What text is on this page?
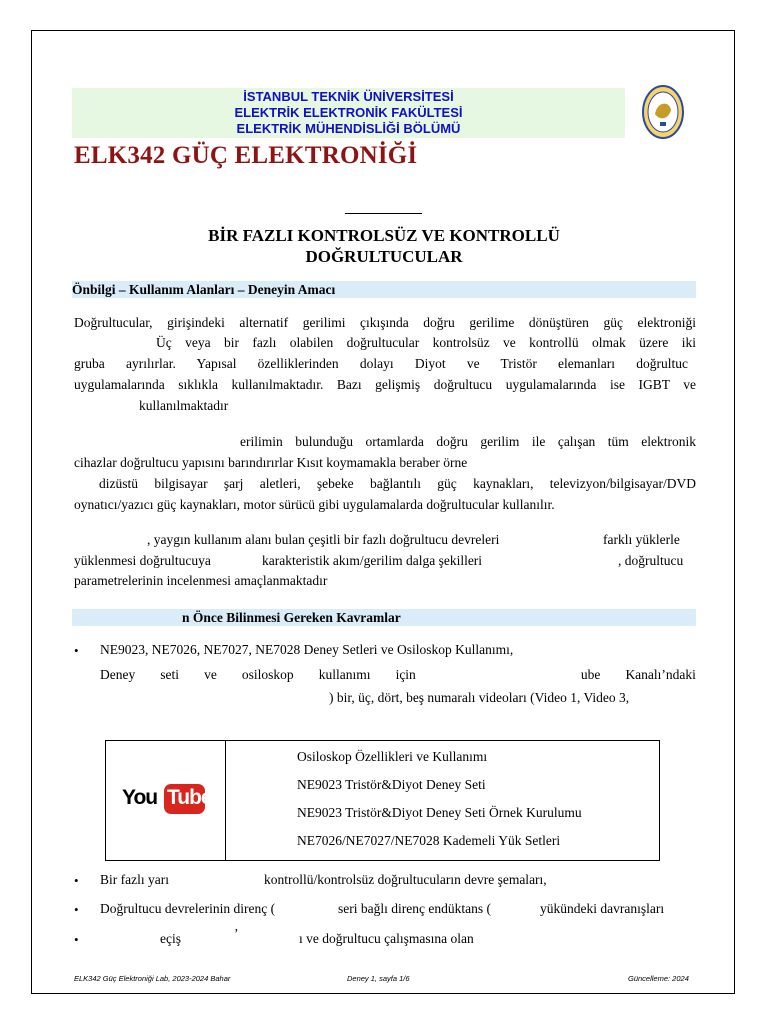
İSTANBUL TEKNİK ÜNİVERSİTESİ
ELEKTRİK ELEKTRONİK FAKÜLTESİ
ELEKTRİK MÜHENDİSLİĞİ BÖLÜMÜ
ELK342 GÜÇ ELEKTRONİĞİ
BİR FAZLI KONTROLSÜZ VE KONTROLLÜ
DOĞRULTUCULAR
Önbilgi – Kullanım Alanları – Deneyin Amacı
Doğrultucular, girişindeki alternatif gerilimi çıkışında doğru gerilime dönüştüren güç elektroniği
Üç veya bir fazlı olabilen doğrultucular kontrolsüz ve kontrollü olmak üzere iki
gruba ayrılırlar. Yapısal özelliklerinden dolayı Diyot ve Tristör elemanları doğrultuc
uygulamalarında sıklıkla kullanılmaktadır. Bazı gelişmiş doğrultucu uygulamalarında ise IGBT ve
kullanılmaktadır
erilimin bulunduğu ortamlarda doğru gerilim ile çalışan tüm elektronik
cihazlar doğrultucu yapısını barındırırlar Kısıt koymamakla beraber örne
dizüstü bilgisayar şarj aletleri, şebeke bağlantılı güç kaynakları, televizyon/bilgisayar/DVD
oynatıcı/yazıcı güç kaynakları, motor sürücü gibi uygulamalarda doğrultucular kullanılır.
, yaygın kullanım alanı bulan çeşitli bir fazlı doğrultucu devreleri	farklı yüklerle
yüklenmesi doğrultucuya	karakteristik akım/gerilim dalga şekilleri	, doğrultucu
parametrelerinin incelenmesi amaçlanmaktadır
n Önce Bilinmesi Gereken Kavramlar
• NE9023, NE7026, NE7027, NE7028 Deney Setleri ve Osiloskop Kullanımı,
Deney seti ve osiloskop kullanımı için	ube Kanalı’ndaki
) bir, üç, dört, beş numaralı videoları (Video 1, Video 3,
You Tube
Osiloskop Özellikleri ve Kullanımı
NE9023 Tristör&Diyot Deney Seti
NE9023 Tristör&Diyot Deney Seti Örnek Kurulumu
NE7026/NE7027/NE7028 Kademeli Yük Setleri
• Bir fazlı yarı	kontrollü/kontrolsüz doğrultucuların devre şemaları,
• Doğrultucu devrelerinin direnç (	seri bağlı direnç endüktans (	yükündeki davranışları
•	eçiş	’	ı ve doğrultucu çalışmasına olan
ELK342 Güç Elektroniği Lab, 2023-2024 Bahar	Deney 1, sayfa 1/6	Güncelleme: 2024
